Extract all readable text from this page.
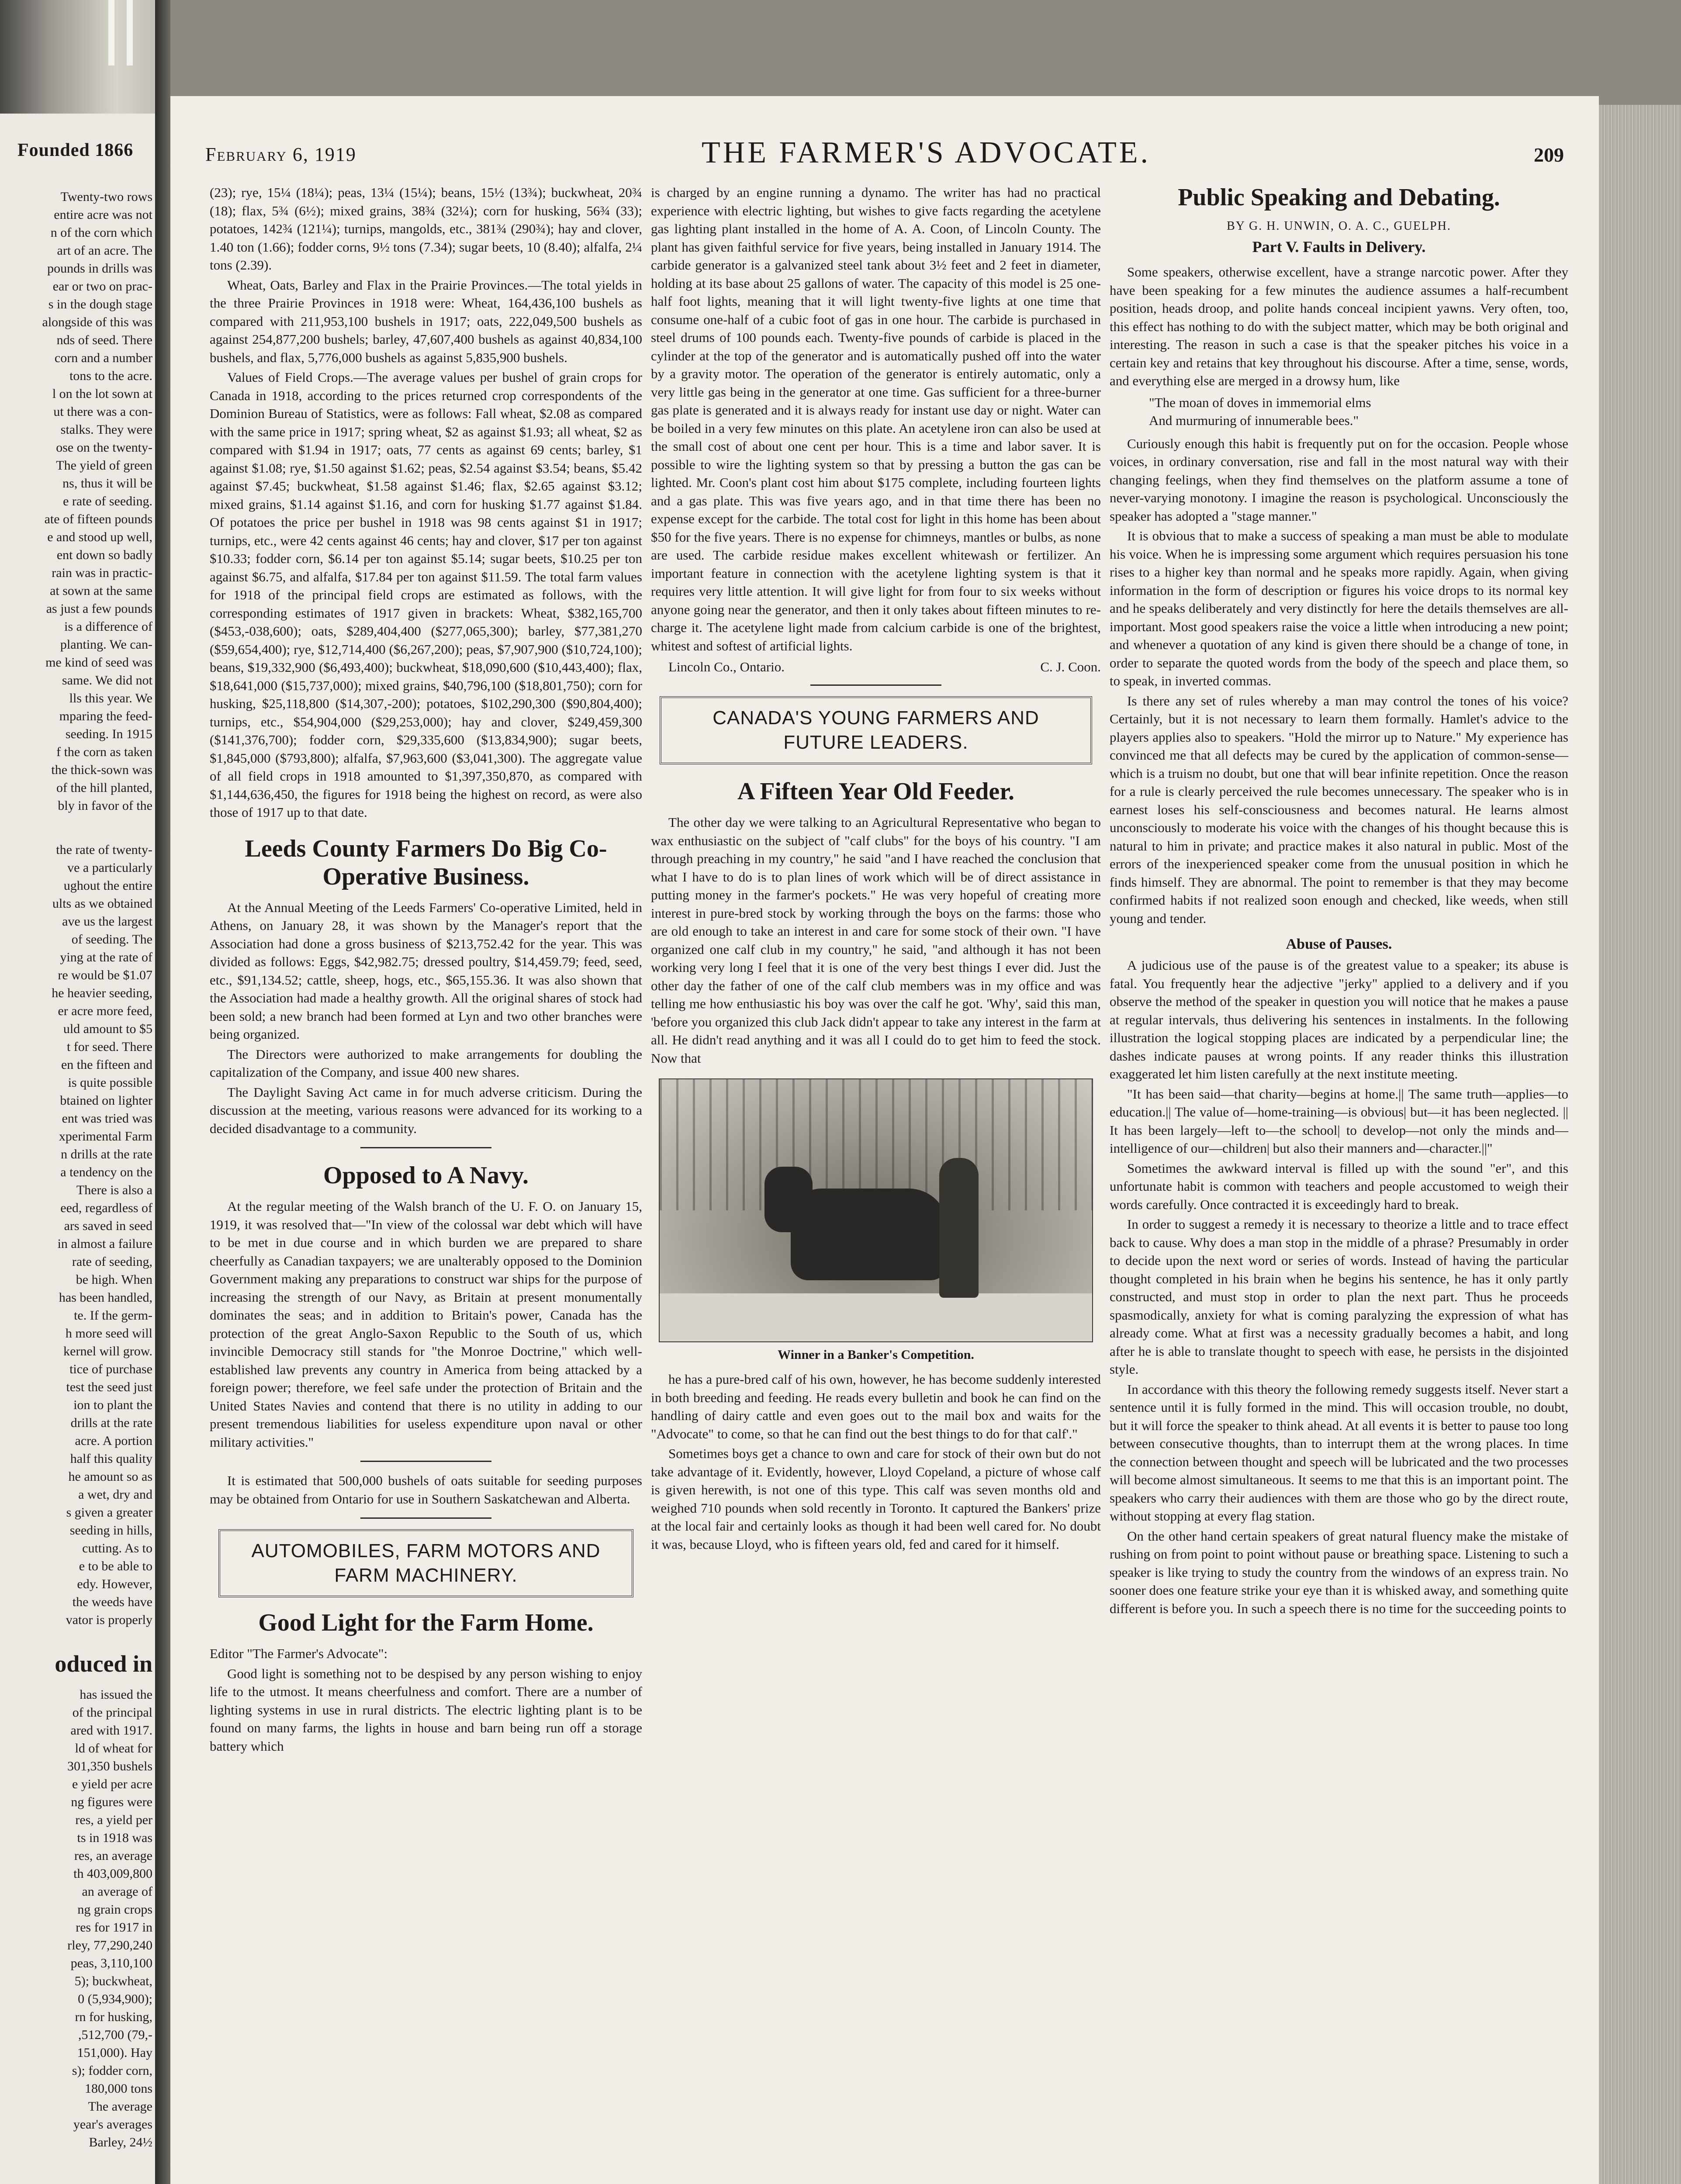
Founded 1866
Twenty-two rows
entire acre was not
n of the corn which
art of an acre. The
pounds in drills was
ear or two on prac-
s in the dough stage
alongside of this was
nds of seed. There
corn and a number
tons to the acre.
l on the lot sown at
ut there was a con-
stalks. They were
ose on the twenty-
The yield of green
ns, thus it will be
e rate of seeding.
ate of fifteen pounds
e and stood up well,
ent down so badly
rain was in practic-
at sown at the same
as just a few pounds
is a difference of
planting. We can-
me kind of seed was
same. We did not
lls this year. We
mparing the feed-
seeding. In 1915
f the corn as taken
the thick-sown was
of the hill planted,
bly in favor of the
the rate of twenty-
ve a particularly
ughout the entire
ults as we obtained
ave us the largest
of seeding. The
ying at the rate of
re would be $1.07
he heavier seeding,
er acre more feed,
uld amount to $5
t for seed. There
en the fifteen and
is quite possible
btained on lighter
ent was tried was
xperimental Farm
n drills at the rate
a tendency on the
There is also a
eed, regardless of
ars saved in seed
in almost a failure
rate of seeding,
be high. When
has been handled,
te. If the germ-
h more seed will
kernel will grow.
tice of purchase
test the seed just
ion to plant the
drills at the rate
acre. A portion
half this quality
he amount so as
a wet, dry and
s given a greater
seeding in hills,
cutting. As to
e to be able to
edy. However,
the weeds have
vator is properly
oduced in
has issued the
of the principal
ared with 1917.
ld of wheat for
301,350 bushels
e yield per acre
ng figures were
res, a yield per
ts in 1918 was
res, an average
th 403,009,800
an average of
ng grain crops
res for 1917 in
rley, 77,290,240
peas, 3,110,100
5); buckwheat,
0 (5,934,900);
rn for husking,
,512,700 (79,-
151,000). Hay
s); fodder corn,
180,000 tons
The average
year's averages
Barley, 24½
February 6, 1919	THE FARMER'S ADVOCATE.	209

(23); rye, 15¼ (18¼); peas, 13¼ (15¼); beans, 15½ (13¾); buckwheat, 20¾ (18); flax, 5¾ (6½); mixed grains, 38¾ (32¼); corn for husking, 56¾ (33); potatoes, 142¾ (121¼); turnips, mangolds, etc., 381¾ (290¾); hay and clover, 1.40 ton (1.66); fodder corns, 9½ tons (7.34); sugar beets, 10 (8.40); alfalfa, 2¼ tons (2.39).

Wheat, Oats, Barley and Flax in the Prairie Provinces.—The total yields in the three Prairie Provinces in 1918 were: Wheat, 164,436,100 bushels as compared with 211,953,100 bushels in 1917; oats, 222,049,500 bushels as against 254,877,200 bushels; barley, 47,607,400 bushels as against 40,834,100 bushels, and flax, 5,776,000 bushels as against 5,835,900 bushels.

Values of Field Crops.—The average values per bushel of grain crops for Canada in 1918, according to the prices returned crop correspondents of the Dominion Bureau of Statistics, were as follows: Fall wheat, $2.08 as compared with the same price in 1917; spring wheat, $2 as against $1.93; all wheat, $2 as compared with $1.94 in 1917; oats, 77 cents as against 69 cents; barley, $1 against $1.08; rye, $1.50 against $1.62; peas, $2.54 against $3.54; beans, $5.42 against $7.45; buckwheat, $1.58 against $1.46; flax, $2.65 against $3.12; mixed grains, $1.14 against $1.16, and corn for husking $1.77 against $1.84. Of potatoes the price per bushel in 1918 was 98 cents against $1 in 1917; turnips, etc., were 42 cents against 46 cents; hay and clover, $17 per ton against $10.33; fodder corn, $6.14 per ton against $5.14; sugar beets, $10.25 per ton against $6.75, and alfalfa, $17.84 per ton against $11.59. The total farm values for 1918 of the principal field crops are estimated as follows, with the corresponding estimates of 1917 given in brackets: Wheat, $382,165,700 ($453,-038,600); oats, $289,404,400 ($277,065,300); barley, $77,381,270 ($59,654,400); rye, $12,714,400 ($6,267,200); peas, $7,907,900 ($10,724,100); beans, $19,332,900 ($6,493,400); buckwheat, $18,090,600 ($10,443,400); flax, $18,641,000 ($15,737,000); mixed grains, $40,796,100 ($18,801,750); corn for husking, $25,118,800 ($14,307,-200); potatoes, $102,290,300 ($90,804,400); turnips, etc., $54,904,000 ($29,253,000); hay and clover, $249,459,300 ($141,376,700); fodder corn, $29,335,600 ($13,834,900); sugar beets, $1,845,000 ($793,800); alfalfa, $7,963,600 ($3,041,300). The aggregate value of all field crops in 1918 amounted to $1,397,350,870, as compared with $1,144,636,450, the figures for 1918 being the highest on record, as were also those of 1917 up to that date.

Leeds County Farmers Do Big Co-Operative Business.

At the Annual Meeting of the Leeds Farmers' Co-operative Limited, held in Athens, on January 28, it was shown by the Manager's report that the Association had done a gross business of $213,752.42 for the year. This was divided as follows: Eggs, $42,982.75; dressed poultry, $14,459.79; feed, seed, etc., $91,134.52; cattle, sheep, hogs, etc., $65,155.36. It was also shown that the Association had made a healthy growth. All the original shares of stock had been sold; a new branch had been formed at Lyn and two other branches were being organized.

The Directors were authorized to make arrangements for doubling the capitalization of the Company, and issue 400 new shares.

The Daylight Saving Act came in for much adverse criticism. During the discussion at the meeting, various reasons were advanced for its working to a decided disadvantage to a community.

Opposed to A Navy.

At the regular meeting of the Walsh branch of the U. F. O. on January 15, 1919, it was resolved that—"In view of the colossal war debt which will have to be met in due course and in which burden we are prepared to share cheerfully as Canadian taxpayers; we are unalterably opposed to the Dominion Government making any preparations to construct war ships for the purpose of increasing the strength of our Navy, as Britain at present monumentally dominates the seas; and in addition to Britain's power, Canada has the protection of the great Anglo-Saxon Republic to the South of us, which invincible Democracy still stands for "the Monroe Doctrine," which well-established law prevents any country in America from being attacked by a foreign power; therefore, we feel safe under the protection of Britain and the United States Navies and contend that there is no utility in adding to our present tremendous liabilities for useless expenditure upon naval or other military activities."

It is estimated that 500,000 bushels of oats suitable for seeding purposes may be obtained from Ontario for use in Southern Saskatchewan and Alberta.

AUTOMOBILES, FARM MOTORS AND FARM MACHINERY.
Good Light for the Farm Home.

Editor "The Farmer's Advocate":

Good light is something not to be despised by any person wishing to enjoy life to the utmost. It means cheerfulness and comfort. There are a number of lighting systems in use in rural districts. The electric lighting plant is to be found on many farms, the lights in house and barn being run off a storage battery which

is charged by an engine running a dynamo. The writer has had no practical experience with electric lighting, but wishes to give facts regarding the acetylene gas lighting plant installed in the home of A. A. Coon, of Lincoln County. The plant has given faithful service for five years, being installed in January 1914. The carbide generator is a galvanized steel tank about 3½ feet and 2 feet in diameter, holding at its base about 25 gallons of water. The capacity of this model is 25 one-half foot lights, meaning that it will light twenty-five lights at one time that consume one-half of a cubic foot of gas in one hour. The carbide is purchased in steel drums of 100 pounds each. Twenty-five pounds of carbide is placed in the cylinder at the top of the generator and is automatically pushed off into the water by a gravity motor. The operation of the generator is entirely automatic, only a very little gas being in the generator at one time. Gas sufficient for a three-burner gas plate is generated and it is always ready for instant use day or night. Water can be boiled in a very few minutes on this plate. An acetylene iron can also be used at the small cost of about one cent per hour. This is a time and labor saver. It is possible to wire the lighting system so that by pressing a button the gas can be lighted. Mr. Coon's plant cost him about $175 complete, including fourteen lights and a gas plate. This was five years ago, and in that time there has been no expense except for the carbide. The total cost for light in this home has been about $50 for the five years. There is no expense for chimneys, mantles or bulbs, as none are used. The carbide residue makes excellent whitewash or fertilizer. An important feature in connection with the acetylene lighting system is that it requires very little attention. It will give light for from four to six weeks without anyone going near the generator, and then it only takes about fifteen minutes to re-charge it. The acetylene light made from calcium carbide is one of the brightest, whitest and softest of artificial lights.

Lincoln Co., Ontario.	C. J. Coon.
CANADA'S YOUNG FARMERS AND FUTURE LEADERS.
A Fifteen Year Old Feeder.

The other day we were talking to an Agricultural Representative who began to wax enthusiastic on the subject of "calf clubs" for the boys of his country. "I am through preaching in my country," he said "and I have reached the conclusion that what I have to do is to plan lines of work which will be of direct assistance in putting money in the farmer's pockets." He was very hopeful of creating more interest in pure-bred stock by working through the boys on the farms: those who are old enough to take an interest in and care for some stock of their own. "I have organized one calf club in my country," he said, "and although it has not been working very long I feel that it is one of the very best things I ever did. Just the other day the father of one of the calf club members was in my office and was telling me how enthusiastic his boy was over the calf he got. 'Why', said this man, 'before you organized this club Jack didn't appear to take any interest in the farm at all. He didn't read anything and it was all I could do to get him to feed the stock. Now that

Winner in a Banker's Competition.

he has a pure-bred calf of his own, however, he has become suddenly interested in both breeding and feeding. He reads every bulletin and book he can find on the handling of dairy cattle and even goes out to the mail box and waits for the "Advocate" to come, so that he can find out the best things to do for that calf'."

Sometimes boys get a chance to own and care for stock of their own but do not take advantage of it. Evidently, however, Lloyd Copeland, a picture of whose calf is given herewith, is not one of this type. This calf was seven months old and weighed 710 pounds when sold recently in Toronto. It captured the Bankers' prize at the local fair and certainly looks as though it had been well cared for. No doubt it was, because Lloyd, who is fifteen years old, fed and cared for it himself.

Public Speaking and Debating.
BY G. H. UNWIN, O. A. C., GUELPH.
Part V. Faults in Delivery.

Some speakers, otherwise excellent, have a strange narcotic power. After they have been speaking for a few minutes the audience assumes a half-recumbent position, heads droop, and polite hands conceal incipient yawns. Very often, too, this effect has nothing to do with the subject matter, which may be both original and interesting. The reason in such a case is that the speaker pitches his voice in a certain key and retains that key throughout his discourse. After a time, sense, words, and everything else are merged in a drowsy hum, like

"The moan of doves in immemorial elms
And murmuring of innumerable bees."

Curiously enough this habit is frequently put on for the occasion. People whose voices, in ordinary conversation, rise and fall in the most natural way with their changing feelings, when they find themselves on the platform assume a tone of never-varying monotony. I imagine the reason is psychological. Unconsciously the speaker has adopted a "stage manner."

It is obvious that to make a success of speaking a man must be able to modulate his voice. When he is impressing some argument which requires persuasion his tone rises to a higher key than normal and he speaks more rapidly. Again, when giving information in the form of description or figures his voice drops to its normal key and he speaks deliberately and very distinctly for here the details themselves are all-important. Most good speakers raise the voice a little when introducing a new point; and whenever a quotation of any kind is given there should be a change of tone, in order to separate the quoted words from the body of the speech and place them, so to speak, in inverted commas.

Is there any set of rules whereby a man may control the tones of his voice? Certainly, but it is not necessary to learn them formally. Hamlet's advice to the players applies also to speakers. "Hold the mirror up to Nature." My experience has convinced me that all defects may be cured by the application of common-sense—which is a truism no doubt, but one that will bear infinite repetition. Once the reason for a rule is clearly perceived the rule becomes unnecessary. The speaker who is in earnest loses his self-consciousness and becomes natural. He learns almost unconsciously to moderate his voice with the changes of his thought because this is natural to him in private; and practice makes it also natural in public. Most of the errors of the inexperienced speaker come from the unusual position in which he finds himself. They are abnormal. The point to remember is that they may become confirmed habits if not realized soon enough and checked, like weeds, when still young and tender.

Abuse of Pauses.

A judicious use of the pause is of the greatest value to a speaker; its abuse is fatal. You frequently hear the adjective "jerky" applied to a delivery and if you observe the method of the speaker in question you will notice that he makes a pause at regular intervals, thus delivering his sentences in instalments. In the following illustration the logical stopping places are indicated by a perpendicular line; the dashes indicate pauses at wrong points. If any reader thinks this illustration exaggerated let him listen carefully at the next institute meeting.

"It has been said—that charity—begins at home.|| The same truth—applies—to education.|| The value of—home-training—is obvious| but—it has been neglected. || It has been largely—left to—the school| to develop—not only the minds and—intelligence of our—children| but also their manners and—character.||"

Sometimes the awkward interval is filled up with the sound "er", and this unfortunate habit is common with teachers and people accustomed to weigh their words carefully. Once contracted it is exceedingly hard to break.

In order to suggest a remedy it is necessary to theorize a little and to trace effect back to cause. Why does a man stop in the middle of a phrase? Presumably in order to decide upon the next word or series of words. Instead of having the particular thought completed in his brain when he begins his sentence, he has it only partly constructed, and must stop in order to plan the next part. Thus he proceeds spasmodically, anxiety for what is coming paralyzing the expression of what has already come. What at first was a necessity gradually becomes a habit, and long after he is able to translate thought to speech with ease, he persists in the disjointed style.

In accordance with this theory the following remedy suggests itself. Never start a sentence until it is fully formed in the mind. This will occasion trouble, no doubt, but it will force the speaker to think ahead. At all events it is better to pause too long between consecutive thoughts, than to interrupt them at the wrong places. In time the connection between thought and speech will be lubricated and the two processes will become almost simultaneous. It seems to me that this is an important point. The speakers who carry their audiences with them are those who go by the direct route, without stopping at every flag station.

On the other hand certain speakers of great natural fluency make the mistake of rushing on from point to point without pause or breathing space. Listening to such a speaker is like trying to study the country from the windows of an express train. No sooner does one feature strike your eye than it is whisked away, and something quite different is before you. In such a speech there is no time for the succeeding points to
